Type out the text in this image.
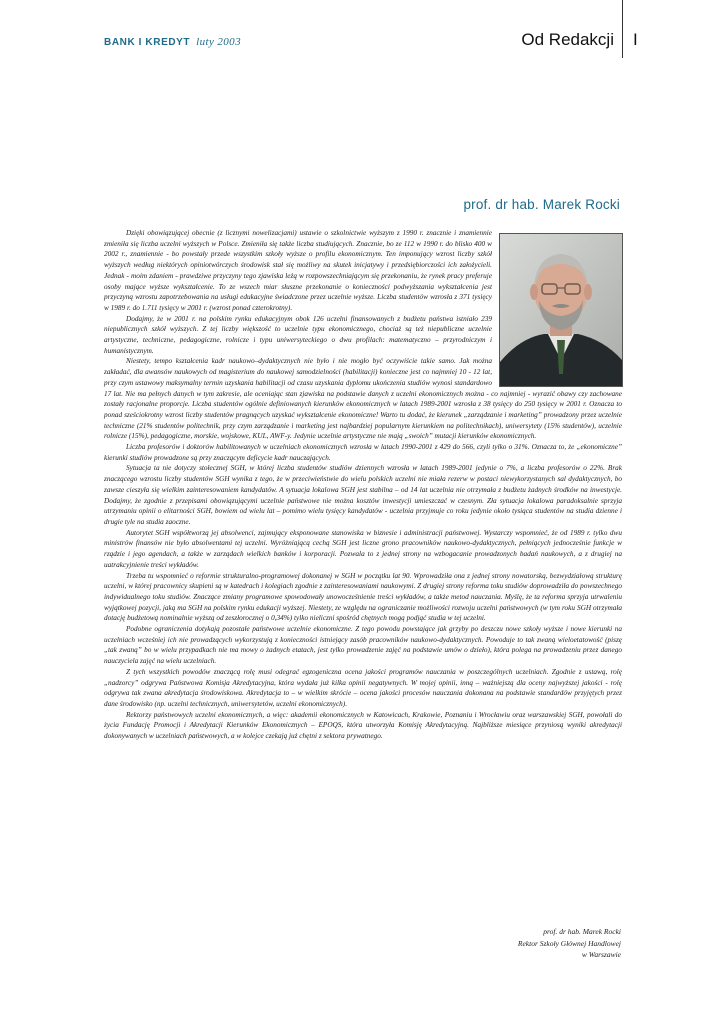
BANK I KREDYT luty 2003	Od Redakcji I
prof. dr hab. Marek Rocki

Dzięki obowiązującej obecnie (z licznymi nowelizacjami) ustawie o szkolnictwie wyższym z 1990 r. znacznie i znamiennie zmieniła się liczba uczelni wyższych w Polsce. Zmieniła się także liczba studiujących. Znacznie, bo ze 112 w 1990 r. do blisko 400 w 2002 r., znamiennie - bo powstały przede wszystkim szkoły wyższe o profilu ekonomicznym. Ten imponujący wzrost liczby szkół wyższych według niektórych opiniotwórczych środowisk stał się możliwy na skutek inicjatywy i przedsiębiorczości ich założycieli. Jednak - moim zdaniem - prawdziwe przyczyny tego zjawiska leżą w rozpowszechniającym się przekonaniu, że rynek pracy preferuje osoby mające wyższe wykształcenie. To ze wszech miar słuszne przekonanie o konieczności podwyższania wykształcenia jest przyczyną wzrostu zapotrzebowania na usługi edukacyjne świadczone przez uczelnie wyższe. Liczba studentów wzrosła z 371 tysięcy w 1989 r. do 1.711 tysięcy w 2001 r. (wzrost ponad czterokrotny).

Dodajmy, że w 2001 r. na polskim rynku edukacyjnym obok 126 uczelni finansowanych z budżetu państwa istniało 239 niepublicznych szkół wyższych. Z tej liczby większość to uczelnie typu ekonomicznego, chociaż są też niepubliczne uczelnie artystyczne, techniczne, pedagogiczne, rolnicze i typu uniwersyteckiego o dwu profilach: matematyczno – przyrodniczym i humanistycznym.

Niestety, tempo kształcenia kadr naukowo–dydaktycznych nie było i nie mogło być oczywiście takie samo. Jak można zakładać, dla awansów naukowych od magisterium do naukowej samodzielności (habilitacji) konieczne jest co najmniej 10 - 12 lat, przy czym ustawowy maksymalny termin uzyskania habilitacji od czasu uzyskania dyplomu ukończenia studiów wynosi standardowo 17 lat. Nie ma pełnych danych w tym zakresie, ale oceniając stan zjawiska na podstawie danych z uczelni ekonomicznych można - co najmniej - wyrazić obawy czy zachowane zostały racjonalne proporcje. Liczba studentów ogólnie definiowanych kierunków ekonomicznych w latach 1989-2001 wzrosła z 38 tysięcy do 250 tysięcy w 2001 r. Oznacza to ponad sześciokrotny wzrost liczby studentów pragnących uzyskać wykształcenie ekonomiczne! Warto tu dodać, że kierunek „zarządzanie i marketing” prowadzony przez uczelnie techniczne (21% studentów politechnik, przy czym zarządzanie i marketing jest najbardziej popularnym kierunkiem na politechnikach), uniwersytety (15% studentów), uczelnie rolnicze (15%), pedagogiczne, morskie, wojskowe, KUL, AWF-y. Jedynie uczelnie artystyczne nie mają „swoich” mutacji kierunków ekonomicznych.

Liczba profesorów i doktorów habilitowanych w uczelniach ekonomicznych wzrosła w latach 1990-2001 z 429 do 566, czyli tylko o 31%. Oznacza to, że „ekonomiczne” kierunki studiów prowadzone są przy znaczącym deficycie kadr nauczających.

Sytuacja ta nie dotyczy stołecznej SGH, w której liczba studentów studiów dziennych wzrosła w latach 1989-2001 jedynie o 7%, a liczba profesorów o 22%. Brak znaczącego wzrostu liczby studentów SGH wynika z tego, że w przeciwieństwie do wielu polskich uczelni nie miała rezerw w postaci niewykorzystanych sal dydaktycznych, bo zawsze cieszyła się wielkim zainteresowaniem kandydatów. A sytuacja lokalowa SGH jest stabilna – od 14 lat uczelnia nie otrzymała z budżetu żadnych środków na inwestycje. Dodajmy, że zgodnie z przepisami obowiązującymi uczelnie państwowe nie można kosztów inwestycji umieszczać w czesnym. Zła sytuacja lokalowa paradoksalnie sprzyja utrzymaniu opinii o elitarności SGH, bowiem od wielu lat – pomimo wielu tysięcy kandydatów - uczelnia przyjmuje co roku jedynie około tysiąca studentów na studia dzienne i drugie tyle na studia zaoczne.

Autorytet SGH współtworzą jej absolwenci, zajmujący eksponowane stanowiska w biznesie i administracji państwowej. Wystarczy wspomnieć, że od 1989 r. tylko dwu ministrów finansów nie było absolwentami tej uczelni. Wyróżniającą cechą SGH jest liczne grono pracowników naukowo-dydaktycznych, pełniących jednocześnie funkcje w rządzie i jego agendach, a także w zarządach wielkich banków i korporacji. Pozwala to z jednej strony na wzbogacanie prowadzonych badań naukowych, a z drugiej na uatrakcyjnienie treści wykładów.

Trzeba tu wspomnieć o reformie strukturalno-programowej dokonanej w SGH w początku lat 90. Wprowadziła ona z jednej strony nowatorską, bezwydziałową strukturę uczelni, w której pracownicy skupieni są w katedrach i kolegiach zgodnie z zainteresowaniami naukowymi. Z drugiej strony reforma toku studiów doprowadziła do powszechnego indywidualnego toku studiów. Znaczące zmiany programowe spowodowały unowocześnienie treści wykładów, a także metod nauczania. Myślę, że ta reforma sprzyja utrwaleniu wyjątkowej pozycji, jaką ma SGH na polskim rynku edukacji wyższej. Niestety, ze względu na ograniczanie możliwości rozwoju uczelni państwowych (w tym roku SGH otrzymała dotację budżetową nominalnie wyższą od zeszłorocznej o 0,34%) tylko nieliczni spośród chętnych mogą podjąć studia w tej uczelni.

Podobne ograniczenia dotykają pozostałe państwowe uczelnie ekonomiczne. Z tego powodu powstające jak grzyby po deszczu nowe szkoły wyższe i nowe kierunki na uczelniach wcześniej ich nie prowadzących wykorzystują z konieczności istniejący zasób pracowników naukowo-dydaktycznych. Powoduje to tak zwaną wieloetatowość (piszę „tak zwaną” bo w wielu przypadkach nie ma mowy o żadnych etatach, jest tylko prowadzenie zajęć na podstawie umów o dzieło), która polega na prowadzeniu przez danego nauczyciela zajęć na wielu uczelniach.

Z tych wszystkich powodów znaczącą rolę musi odegrać egzogeniczna ocena jakości programów nauczania w poszczególnych uczelniach. Zgodnie z ustawą, rolę „nadzorcy” odgrywa Państwowa Komisja Akredytacyjna, która wydała już kilka opinii negatywnych. W mojej opinii, inną – ważniejszą dla oceny najwyższej jakości - rolę odgrywa tak zwana akredytacja środowiskowa. Akredytacja to – w wielkim skrócie – ocena jakości procesów nauczania dokonana na podstawie standardów przyjętych przez dane środowisko (np. uczelni technicznych, uniwersytetów, uczelni ekonomicznych).

Rektorzy państwowych uczelni ekonomicznych, a więc: akademii ekonomicznych w Katowicach, Krakowie, Poznaniu i Wrocławiu oraz warszawskiej SGH, powołali do życia Fundację Promocji i Akredytacji Kierunków Ekonomicznych – EPOQS, która utworzyła Komisję Akredytacyjną. Najbliższe miesiące przyniosą wyniki akredytacji dokonywanych w uczelniach państwowych, a w kolejce czekają już chętni z sektora prywatnego.

prof. dr hab. Marek Rocki
Rektor Szkoły Głównej Handlowej
w Warszawie
